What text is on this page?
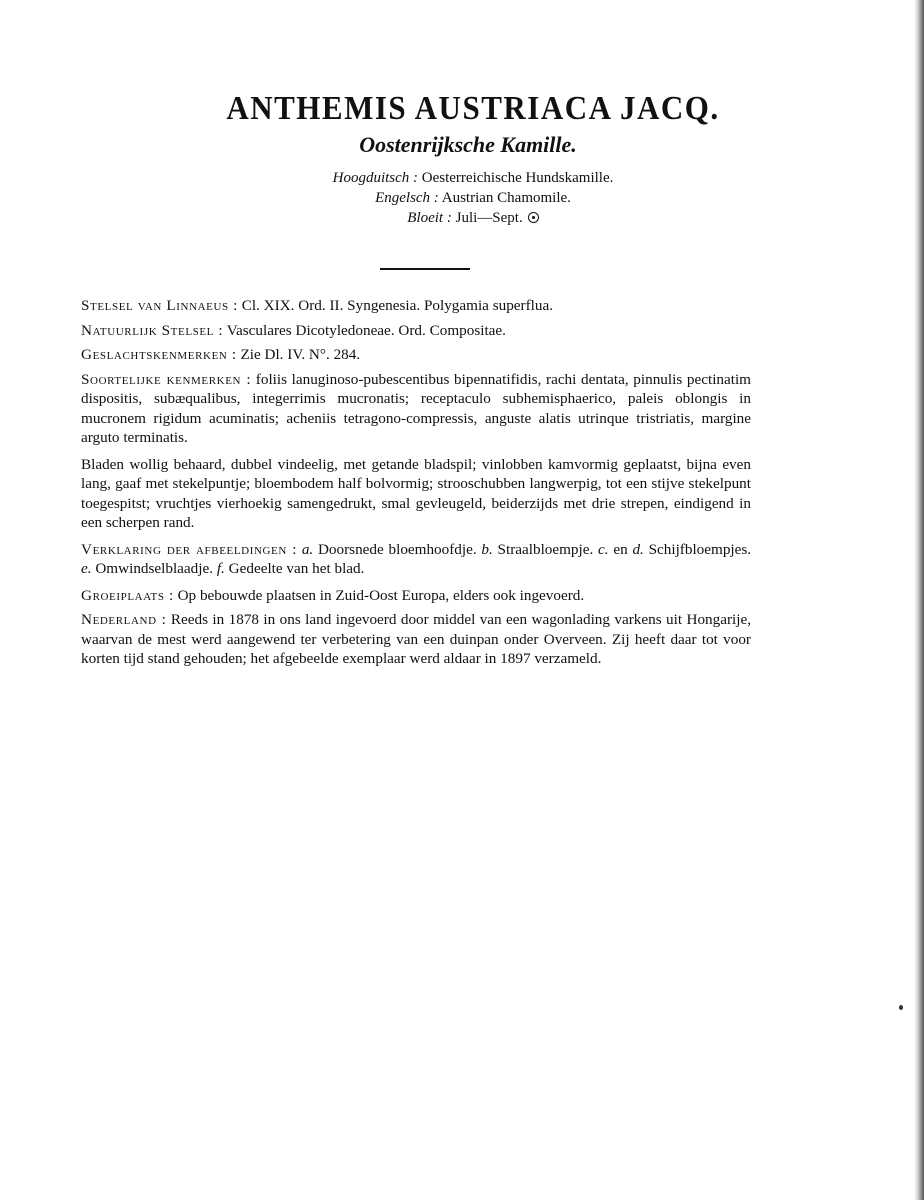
ANTHEMIS AUSTRIACA JACQ.

Oostenrijksche Kamille.

Hoogduitsch : Oesterreichische Hundskamille.

Engelsch : Austrian Chamomile.

Bloeit : Juli—Sept.

Stelsel van Linnaeus : Cl. XIX. Ord. II. Syngenesia. Polygamia superflua.

Natuurlijk Stelsel : Vasculares Dicotyledoneae. Ord. Compositae.

Geslachtskenmerken : Zie Dl. IV. N°. 284.

Soortelijke kenmerken : foliis lanuginoso-pubescentibus bipennatifidis, rachi dentata, pinnulis pectinatim dispositis, subæqualibus, integerrimis mucronatis; receptaculo subhemisphaerico, paleis oblongis in mucronem rigidum acuminatis; acheniis tetragono-compressis, anguste alatis utrinque tristriatis, margine arguto terminatis.

Bladen wollig behaard, dubbel vindeelig, met getande bladspil; vinlobben kamvormig geplaatst, bijna even lang, gaaf met stekelpuntje; bloembodem half bolvormig; strooschubben langwerpig, tot een stijve stekelpunt toegespitst; vruchtjes vierhoekig samengedrukt, smal gevleugeld, beiderzijds met drie strepen, eindigend in een scherpen rand.

Verklaring der afbeeldingen : a. Doorsnede bloemhoofdje. b. Straalbloempje. c. en d. Schijfbloempjes. e. Omwindselblaadje. f. Gedeelte van het blad.

Groeiplaats : Op bebouwde plaatsen in Zuid-Oost Europa, elders ook ingevoerd.

Nederland : Reeds in 1878 in ons land ingevoerd door middel van een wagonlading varkens uit Hongarije, waarvan de mest werd aangewend ter verbetering van een duinpan onder Overveen. Zij heeft daar tot voor korten tijd stand gehouden; het afgebeelde exemplaar werd aldaar in 1897 verzameld.
